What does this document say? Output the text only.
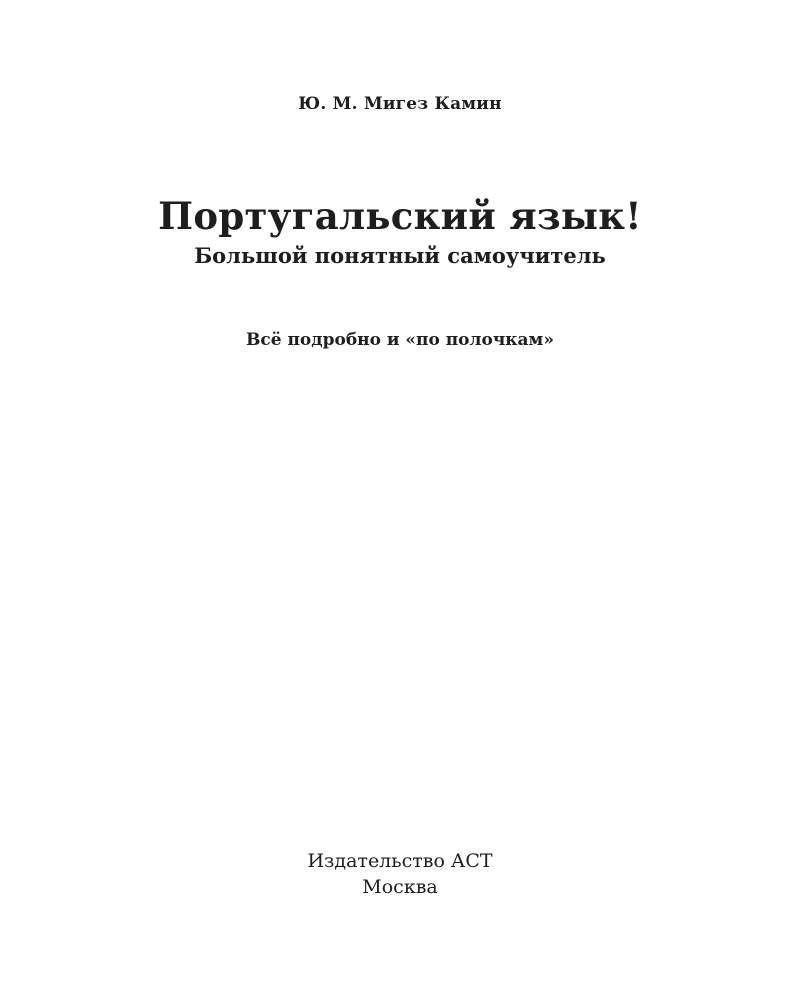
Ю. М. Мигез Камин

Португальский язык!
Большой понятный самоучитель

Всё подробно и «по полочкам»

Издательство АСТ

Москва
